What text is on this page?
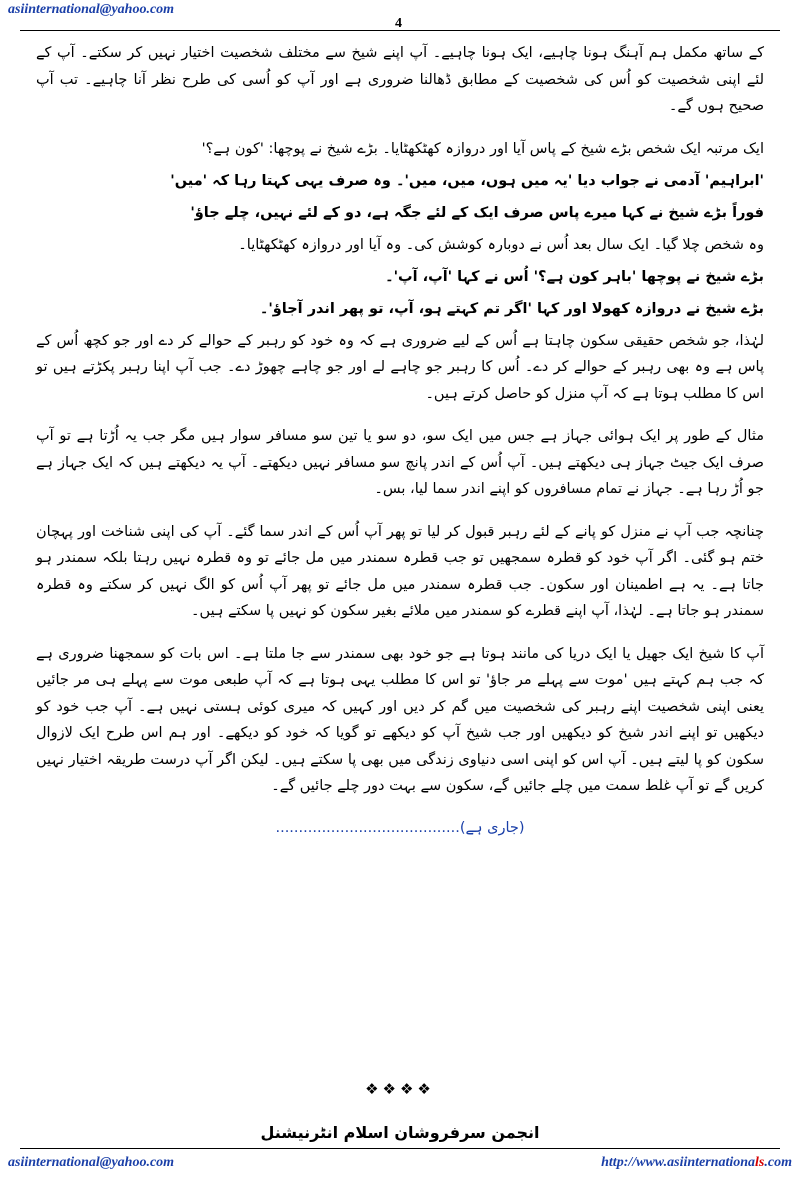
asiinternational@yahoo.com
4

کے ساتھ مکمل ہم آہنگ ہونا چاہیے، ایک ہونا چاہیے۔ آپ اپنے شیخ سے مختلف شخصیت اختیار نہیں کر سکتے۔ آپ کے لئے اپنی شخصیت کو اُس کی شخصیت کے مطابق ڈھالنا ضروری ہے اور آپ کو اُسی کی طرح نظر آنا چاہیے۔ تب آپ صحیح ہوں گے۔

ایک مرتبہ ایک شخص بڑے شیخ کے پاس آیا اور دروازہ کھٹکھٹایا۔ بڑے شیخ نے پوچھا: 'کون ہے؟'

'ابراہیم' آدمی نے جواب دیا 'یہ میں ہوں، میں، میں'۔ وہ صرف یہی کہتا رہا کہ 'میں'

فوراً بڑے شیخ نے کہا میرے پاس صرف ایک کے لئے جگہ ہے، دو کے لئے نہیں، چلے جاؤ'

وہ شخص چلا گیا۔ ایک سال بعد اُس نے دوبارہ کوشش کی۔ وہ آیا اور دروازہ کھٹکھٹایا۔

بڑے شیخ نے پوچھا 'باہر کون ہے؟' اُس نے کہا 'آپ، آپ'۔

بڑے شیخ نے دروازہ کھولا اور کہا 'اگر تم کہتے ہو، آپ، تو پھر اندر آجاؤ'۔

لہٰذا، جو شخص حقیقی سکون چاہتا ہے اُس کے لیے ضروری ہے کہ وہ خود کو رہبر کے حوالے کر دے اور جو کچھ اُس کے پاس ہے وہ بھی رہبر کے حوالے کر دے۔ اُس کا رہبر جو چاہے لے اور جو چاہے چھوڑ دے۔ جب آپ اپنا رہبر پکڑتے ہیں تو اس کا مطلب ہوتا ہے کہ آپ منزل کو حاصل کرتے ہیں۔

مثال کے طور پر ایک ہوائی جہاز ہے جس میں ایک سو، دو سو یا تین سو مسافر سوار ہیں مگر جب یہ اُڑتا ہے تو آپ صرف ایک جیٹ جہاز ہی دیکھتے ہیں۔ آپ اُس کے اندر پانچ سو مسافر نہیں دیکھتے۔ آپ یہ دیکھتے ہیں کہ ایک جہاز ہے جو اُڑ رہا ہے۔ جہاز نے تمام مسافروں کو اپنے اندر سما لیا، بس۔

چنانچہ جب آپ نے منزل کو پانے کے لئے رہبر قبول کر لیا تو پھر آپ اُس کے اندر سما گئے۔ آپ کی اپنی شناخت اور پہچان ختم ہو گئی۔ اگر آپ خود کو قطرہ سمجھیں تو جب قطرہ سمندر میں مل جائے تو وہ قطرہ نہیں رہتا بلکہ سمندر ہو جاتا ہے۔ یہ ہے اطمینان اور سکون۔ جب قطرہ سمندر میں مل جائے تو پھر آپ اُس کو الگ نہیں کر سکتے وہ قطرہ سمندر ہو جاتا ہے۔ لہٰذا، آپ اپنے قطرے کو سمندر میں ملائے بغیر سکون کو نہیں پا سکتے ہیں۔

آپ کا شیخ ایک جھیل یا ایک دریا کی مانند ہوتا ہے جو خود بھی سمندر سے جا ملتا ہے۔ اس بات کو سمجھنا ضروری ہے کہ جب ہم کہتے ہیں 'موت سے پہلے مر جاؤ' تو اس کا مطلب یہی ہوتا ہے کہ آپ طبعی موت سے پہلے ہی مر جائیں یعنی اپنی شخصیت اپنے رہبر کی شخصیت میں گم کر دیں اور کہیں کہ میری کوئی ہستی نہیں ہے۔ آپ جب خود کو دیکھیں تو اپنے اندر شیخ کو دیکھیں اور جب شیخ آپ کو دیکھے تو گویا کہ خود کو دیکھے۔ اور ہم اس طرح ایک لازوال سکون کو پا لیتے ہیں۔ آپ اس کو اپنی اسی دنیاوی زندگی میں بھی پا سکتے ہیں۔ لیکن اگر آپ درست طریقہ اختیار نہیں کریں گے تو آپ غلط سمت میں چلے جائیں گے، سکون سے بہت دور چلے جائیں گے۔

(جاری ہے)........................................
❖❖❖❖
انجمن سرفروشان اسلام انٹرنیشنل
asiinternational@yahoo.com	http://www.asiinternationals.com
